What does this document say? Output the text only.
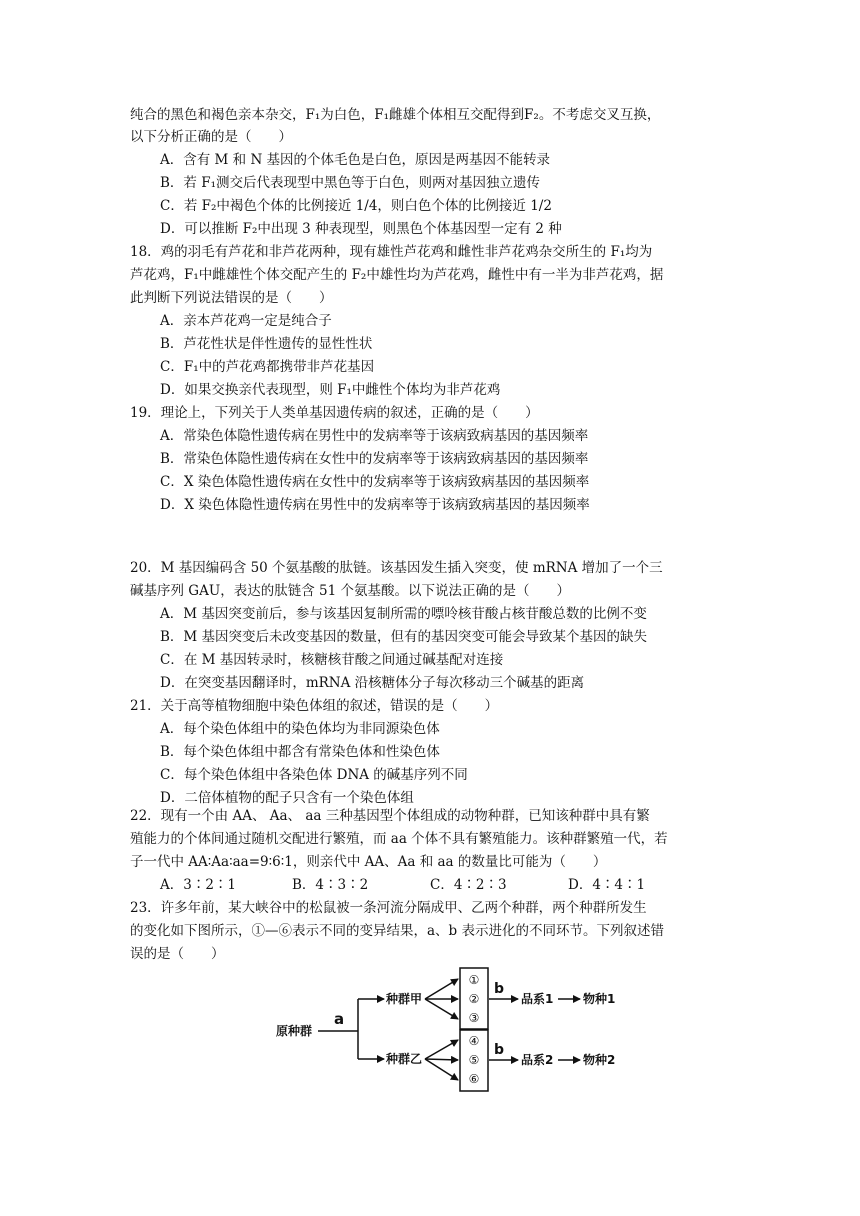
纯合的黑色和褐色亲本杂交，F₁为白色，F₁雌雄个体相互交配得到F₂。不考虑交叉互换，
以下分析正确的是（　　）
A．含有 M 和 N 基因的个体毛色是白色，原因是两基因不能转录
B．若 F₁测交后代表现型中黑色等于白色，则两对基因独立遗传
C．若 F₂中褐色个体的比例接近 1/4，则白色个体的比例接近 1/2
D．可以推断 F₂中出现 3 种表现型，则黑色个体基因型一定有 2 种
18．鸡的羽毛有芦花和非芦花两种，现有雄性芦花鸡和雌性非芦花鸡杂交所生的 F₁均为
芦花鸡，F₁中雌雄性个体交配产生的 F₂中雄性均为芦花鸡，雌性中有一半为非芦花鸡，据
此判断下列说法错误的是（　　）
A．亲本芦花鸡一定是纯合子
B．芦花性状是伴性遗传的显性性状
C．F₁中的芦花鸡都携带非芦花基因
D．如果交换亲代表现型，则 F₁中雌性个体均为非芦花鸡
19．理论上，下列关于人类单基因遗传病的叙述，正确的是（　　）
A．常染色体隐性遗传病在男性中的发病率等于该病致病基因的基因频率
B．常染色体隐性遗传病在女性中的发病率等于该病致病基因的基因频率
C．X 染色体隐性遗传病在女性中的发病率等于该病致病基因的基因频率
D．X 染色体隐性遗传病在男性中的发病率等于该病致病基因的基因频率
20．M 基因编码含 50 个氨基酸的肽链。该基因发生插入突变，使 mRNA 增加了一个三
碱基序列 GAU，表达的肽链含 51 个氨基酸。以下说法正确的是（　　）
A．M 基因突变前后，参与该基因复制所需的嘌呤核苷酸占核苷酸总数的比例不变
B．M 基因突变后未改变基因的数量，但有的基因突变可能会导致某个基因的缺失
C．在 M 基因转录时，核糖核苷酸之间通过碱基配对连接
D．在突变基因翻译时，mRNA 沿核糖体分子每次移动三个碱基的距离
21．关于高等植物细胞中染色体组的叙述，错误的是（　　）
A．每个染色体组中的染色体均为非同源染色体
B．每个染色体组中都含有常染色体和性染色体
C．每个染色体组中各染色体 DNA 的碱基序列不同
D．二倍体植物的配子只含有一个染色体组
22．现有一个由 AA、 Aa、 aa 三种基因型个体组成的动物种群，已知该种群中具有繁
殖能力的个体间通过随机交配进行繁殖，而 aa 个体不具有繁殖能力。该种群繁殖一代，若
子一代中 AA∶Aa∶aa=9∶6∶1，则亲代中 AA、Aa 和 aa 的数量比可能为（　　）
A．3∶2∶1	B．4∶3∶2	C．4∶2∶3	D．4∶4∶1
23．许多年前，某大峡谷中的松鼠被一条河流分隔成甲、乙两个种群，两个种群所发生
的变化如下图所示，①—⑥表示不同的变异结果，a、b 表示进化的不同环节。下列叙述错
误的是（　　）
原种群
a
种群甲
种群乙
b
b
品系1
品系2
物种1
物种2
①
②
③
④
⑤
⑥
